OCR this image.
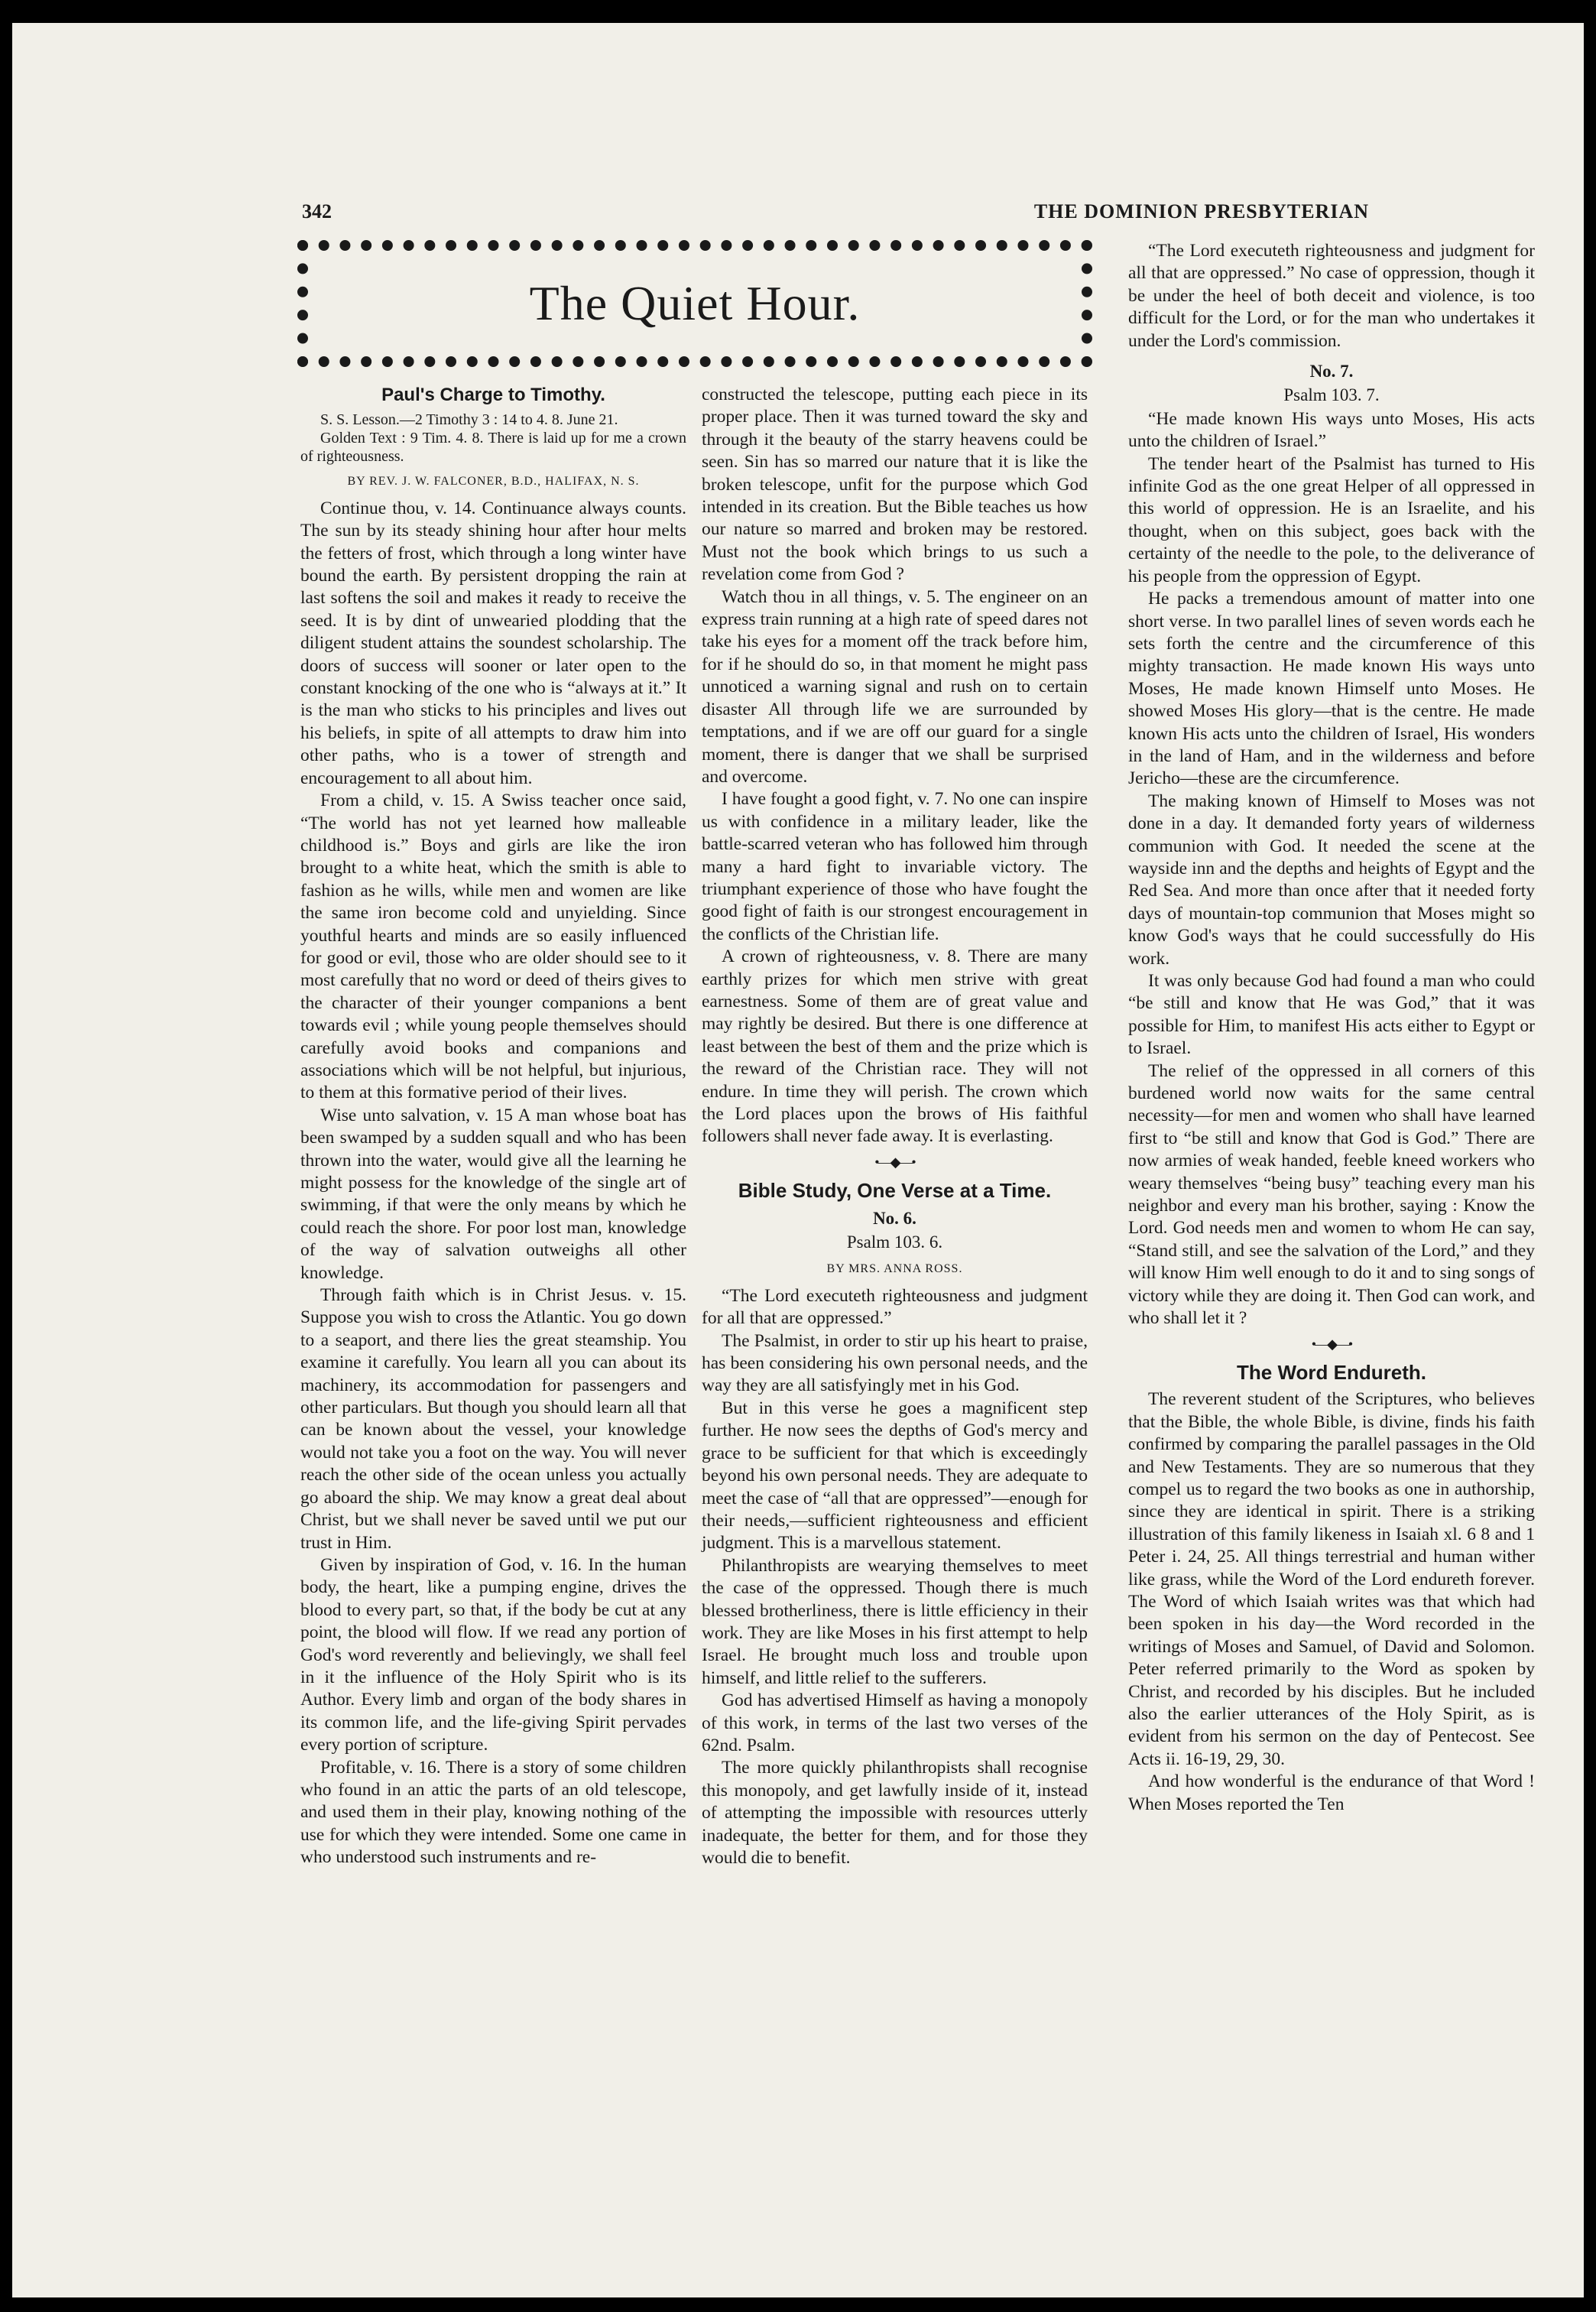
342	THE DOMINION PRESBYTERIAN
The Quiet Hour.
Paul's Charge to Timothy.

S. S. Lesson.—2 Timothy 3 : 14 to 4. 8. June 21.

Golden Text : 9 Tim. 4. 8. There is laid up for me a crown of righteousness.

BY REV. J. W. FALCONER, B.D., HALIFAX, N. S.

Continue thou, v. 14. Continuance always counts. The sun by its steady shining hour after hour melts the fetters of frost, which through a long winter have bound the earth. By persistent dropping the rain at last softens the soil and makes it ready to receive the seed. It is by dint of unwearied plodding that the diligent student attains the soundest scholarship. The doors of success will sooner or later open to the constant knocking of the one who is “always at it.” It is the man who sticks to his principles and lives out his beliefs, in spite of all attempts to draw him into other paths, who is a tower of strength and encouragement to all about him.

From a child, v. 15. A Swiss teacher once said, “The world has not yet learned how malleable childhood is.” Boys and girls are like the iron brought to a white heat, which the smith is able to fashion as he wills, while men and women are like the same iron become cold and unyielding. Since youthful hearts and minds are so easily influenced for good or evil, those who are older should see to it most carefully that no word or deed of theirs gives to the character of their younger companions a bent towards evil ; while young people themselves should carefully avoid books and companions and associations which will be not helpful, but injurious, to them at this formative period of their lives.

Wise unto salvation, v. 15 A man whose boat has been swamped by a sudden squall and who has been thrown into the water, would give all the learning he might possess for the knowledge of the single art of swimming, if that were the only means by which he could reach the shore. For poor lost man, knowledge of the way of salvation outweighs all other knowledge.

Through faith which is in Christ Jesus. v. 15. Suppose you wish to cross the Atlantic. You go down to a seaport, and there lies the great steamship. You examine it carefully. You learn all you can about its machinery, its accommodation for passengers and other particulars. But though you should learn all that can be known about the vessel, your knowledge would not take you a foot on the way. You will never reach the other side of the ocean unless you actually go aboard the ship. We may know a great deal about Christ, but we shall never be saved until we put our trust in Him.

Given by inspiration of God, v. 16. In the human body, the heart, like a pumping engine, drives the blood to every part, so that, if the body be cut at any point, the blood will flow. If we read any portion of God's word reverently and believingly, we shall feel in it the influence of the Holy Spirit who is its Author. Every limb and organ of the body shares in its common life, and the life-giving Spirit pervades every portion of scripture.

Profitable, v. 16. There is a story of some children who found in an attic the parts of an old telescope, and used them in their play, knowing nothing of the use for which they were intended. Some one came in who understood such instruments and re-

constructed the telescope, putting each piece in its proper place. Then it was turned toward the sky and through it the beauty of the starry heavens could be seen. Sin has so marred our nature that it is like the broken telescope, unfit for the purpose which God intended in its creation. But the Bible teaches us how our nature so marred and broken may be restored. Must not the book which brings to us such a revelation come from God ?

Watch thou in all things, v. 5. The engineer on an express train running at a high rate of speed dares not take his eyes for a moment off the track before him, for if he should do so, in that moment he might pass unnoticed a warning signal and rush on to certain disaster All through life we are surrounded by temptations, and if we are off our guard for a single moment, there is danger that we shall be surprised and overcome.

I have fought a good fight, v. 7. No one can inspire us with confidence in a military leader, like the battle-scarred veteran who has followed him through many a hard fight to invariable victory. The triumphant experience of those who have fought the good fight of faith is our strongest encouragement in the conflicts of the Christian life.

A crown of righteousness, v. 8. There are many earthly prizes for which men strive with great earnestness. Some of them are of great value and may rightly be desired. But there is one difference at least between the best of them and the prize which is the reward of the Christian race. They will not endure. In time they will perish. The crown which the Lord places upon the brows of His faithful followers shall never fade away. It is everlasting.

•—◆—•
Bible Study, One Verse at a Time.
No. 6.
Psalm 103. 6.
BY MRS. ANNA ROSS.

“The Lord executeth righteousness and judgment for all that are oppressed.”

The Psalmist, in order to stir up his heart to praise, has been considering his own personal needs, and the way they are all satisfyingly met in his God.

But in this verse he goes a magnificent step further. He now sees the depths of God's mercy and grace to be sufficient for that which is exceedingly beyond his own personal needs. They are adequate to meet the case of “all that are oppressed”—enough for their needs,—sufficient righteousness and efficient judgment. This is a marvellous statement.

Philanthropists are wearying themselves to meet the case of the oppressed. Though there is much blessed brotherliness, there is little efficiency in their work. They are like Moses in his first attempt to help Israel. He brought much loss and trouble upon himself, and little relief to the sufferers.

God has advertised Himself as having a monopoly of this work, in terms of the last two verses of the 62nd. Psalm.

The more quickly philanthropists shall recognise this monopoly, and get lawfully inside of it, instead of attempting the impossible with resources utterly inadequate, the better for them, and for those they would die to benefit.

“The Lord executeth righteousness and judgment for all that are oppressed.” No case of oppression, though it be under the heel of both deceit and violence, is too difficult for the Lord, or for the man who undertakes it under the Lord's commission.

No. 7.
Psalm 103. 7.

“He made known His ways unto Moses, His acts unto the children of Israel.”

The tender heart of the Psalmist has turned to His infinite God as the one great Helper of all oppressed in this world of oppression. He is an Israelite, and his thought, when on this subject, goes back with the certainty of the needle to the pole, to the deliverance of his people from the oppression of Egypt.

He packs a tremendous amount of matter into one short verse. In two parallel lines of seven words each he sets forth the centre and the circumference of this mighty transaction. He made known His ways unto Moses, He made known Himself unto Moses. He showed Moses His glory—that is the centre. He made known His acts unto the children of Israel, His wonders in the land of Ham, and in the wilderness and before Jericho—these are the circumference.

The making known of Himself to Moses was not done in a day. It demanded forty years of wilderness communion with God. It needed the scene at the wayside inn and the depths and heights of Egypt and the Red Sea. And more than once after that it needed forty days of mountain-top communion that Moses might so know God's ways that he could successfully do His work.

It was only because God had found a man who could “be still and know that He was God,” that it was possible for Him, to manifest His acts either to Egypt or to Israel.

The relief of the oppressed in all corners of this burdened world now waits for the same central necessity—for men and women who shall have learned first to “be still and know that God is God.” There are now armies of weak handed, feeble kneed workers who weary themselves “being busy” teaching every man his neighbor and every man his brother, saying : Know the Lord. God needs men and women to whom He can say, “Stand still, and see the salvation of the Lord,” and they will know Him well enough to do it and to sing songs of victory while they are doing it. Then God can work, and who shall let it ?

•—◆—•
The Word Endureth.

The reverent student of the Scriptures, who believes that the Bible, the whole Bible, is divine, finds his faith confirmed by comparing the parallel passages in the Old and New Testaments. They are so numerous that they compel us to regard the two books as one in authorship, since they are identical in spirit. There is a striking illustration of this family likeness in Isaiah xl. 6 8 and 1 Peter i. 24, 25. All things terrestrial and human wither like grass, while the Word of the Lord endureth forever. The Word of which Isaiah writes was that which had been spoken in his day—the Word recorded in the writings of Moses and Samuel, of David and Solomon. Peter referred primarily to the Word as spoken by Christ, and recorded by his disciples. But he included also the earlier utterances of the Holy Spirit, as is evident from his sermon on the day of Pentecost. See Acts ii. 16-19, 29, 30.

And how wonderful is the endurance of that Word ! When Moses reported the Ten
